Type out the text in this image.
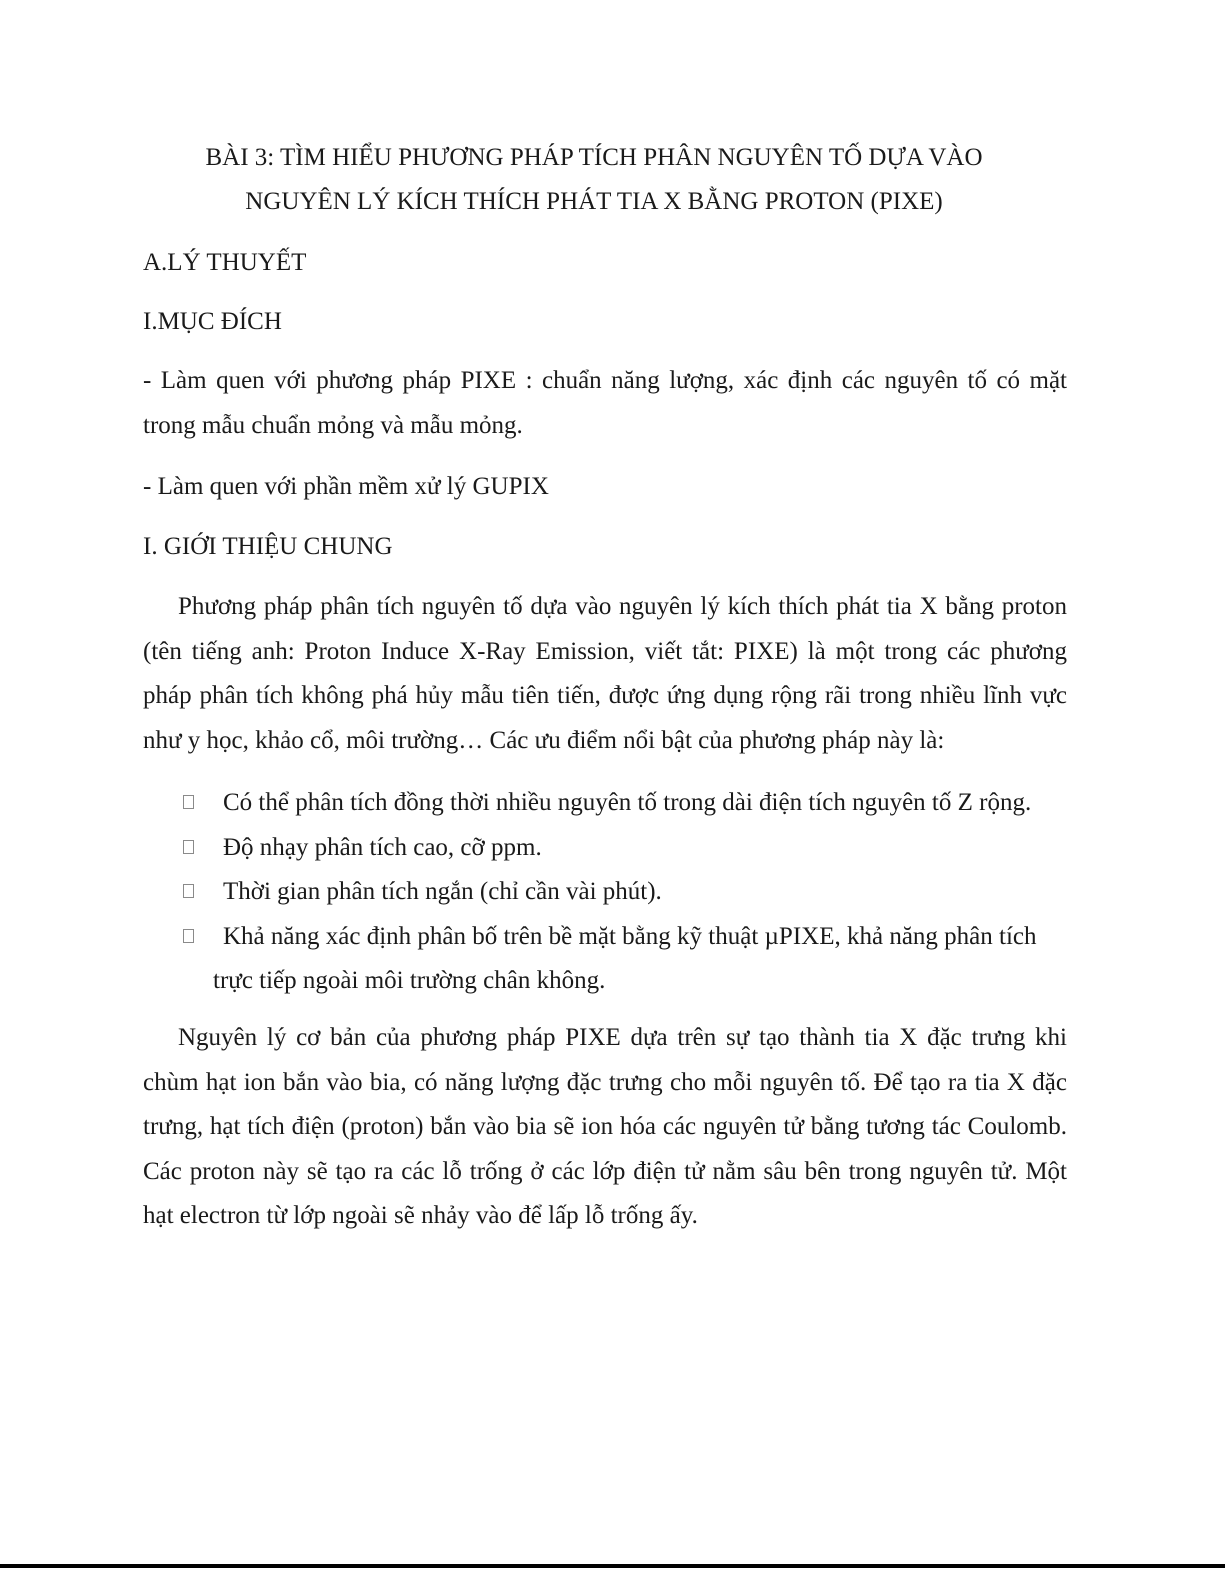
BÀI 3: TÌM HIỂU PHƯƠNG PHÁP TÍCH PHÂN NGUYÊN TỐ DỰA VÀO
NGUYÊN LÝ KÍCH THÍCH PHÁT TIA X BẰNG PROTON (PIXE)
A.LÝ THUYẾT
I.MỤC ĐÍCH
- Làm quen với phương pháp PIXE : chuẩn năng lượng, xác định các nguyên tố có mặt trong mẫu chuẩn mỏng và mẫu mỏng.
- Làm quen với phần mềm xử lý GUPIX
I. GIỚI THIỆU CHUNG
Phương pháp phân tích nguyên tố dựa vào nguyên lý kích thích phát tia X bằng proton (tên tiếng anh: Proton Induce X-Ray Emission, viết tắt: PIXE) là một trong các phương pháp phân tích không phá hủy mẫu tiên tiến, được ứng dụng rộng rãi trong nhiều lĩnh vực như y học, khảo cổ, môi trường… Các ưu điểm nổi bật của phương pháp này là:
Có thể phân tích đồng thời nhiều nguyên tố trong dài điện tích nguyên tố Z rộng.
Độ nhạy phân tích cao, cỡ ppm.
Thời gian phân tích ngắn (chỉ cần vài phút).
Khả năng xác định phân bố trên bề mặt bằng kỹ thuật µPIXE, khả năng phân tích
trực tiếp ngoài môi trường chân không.
Nguyên lý cơ bản của phương pháp PIXE dựa trên sự tạo thành tia X đặc trưng khi chùm hạt ion bắn vào bia, có năng lượng đặc trưng cho mỗi nguyên tố. Để tạo ra tia X đặc trưng, hạt tích điện (proton) bắn vào bia sẽ ion hóa các nguyên tử bằng tương tác Coulomb. Các proton này sẽ tạo ra các lỗ trống ở các lớp điện tử nằm sâu bên trong nguyên tử. Một hạt electron từ lớp ngoài sẽ nhảy vào để lấp lỗ trống ấy.
